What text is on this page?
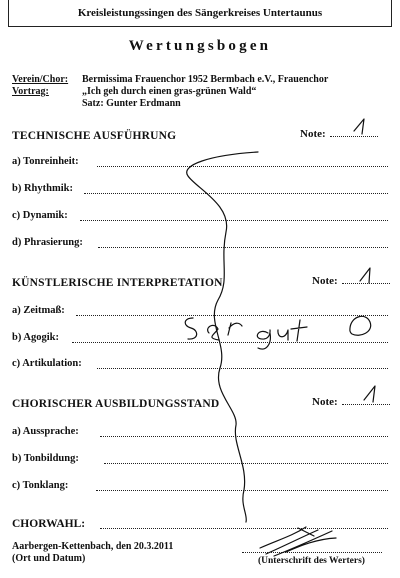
Kreisleistungssingen des Sängerkreises Untertaunus
Wertungsbogen
Verein/Chor: Bermissima Frauenchor 1952 Bermbach e.V., Frauenchor
Vortrag:	„Ich geh durch einen gras-grünen Wald“
Satz: Gunter Erdmann
TECHNISCHE AUSFÜHRUNG	Note:
a) Tonreinheit:
b) Rhythmik:
c) Dynamik:
d) Phrasierung:
KÜNSTLERISCHE INTERPRETATION	Note:
a) Zeitmaß:
b) Agogik:
c) Artikulation:
CHORISCHER AUSBILDUNGSSTAND	Note:
a) Aussprache:
b) Tonbildung:
c) Tonklang:
CHORWAHL:
Aarbergen-Kettenbach, den 20.3.2011
(Ort und Datum)	(Unterschrift des Werters)
